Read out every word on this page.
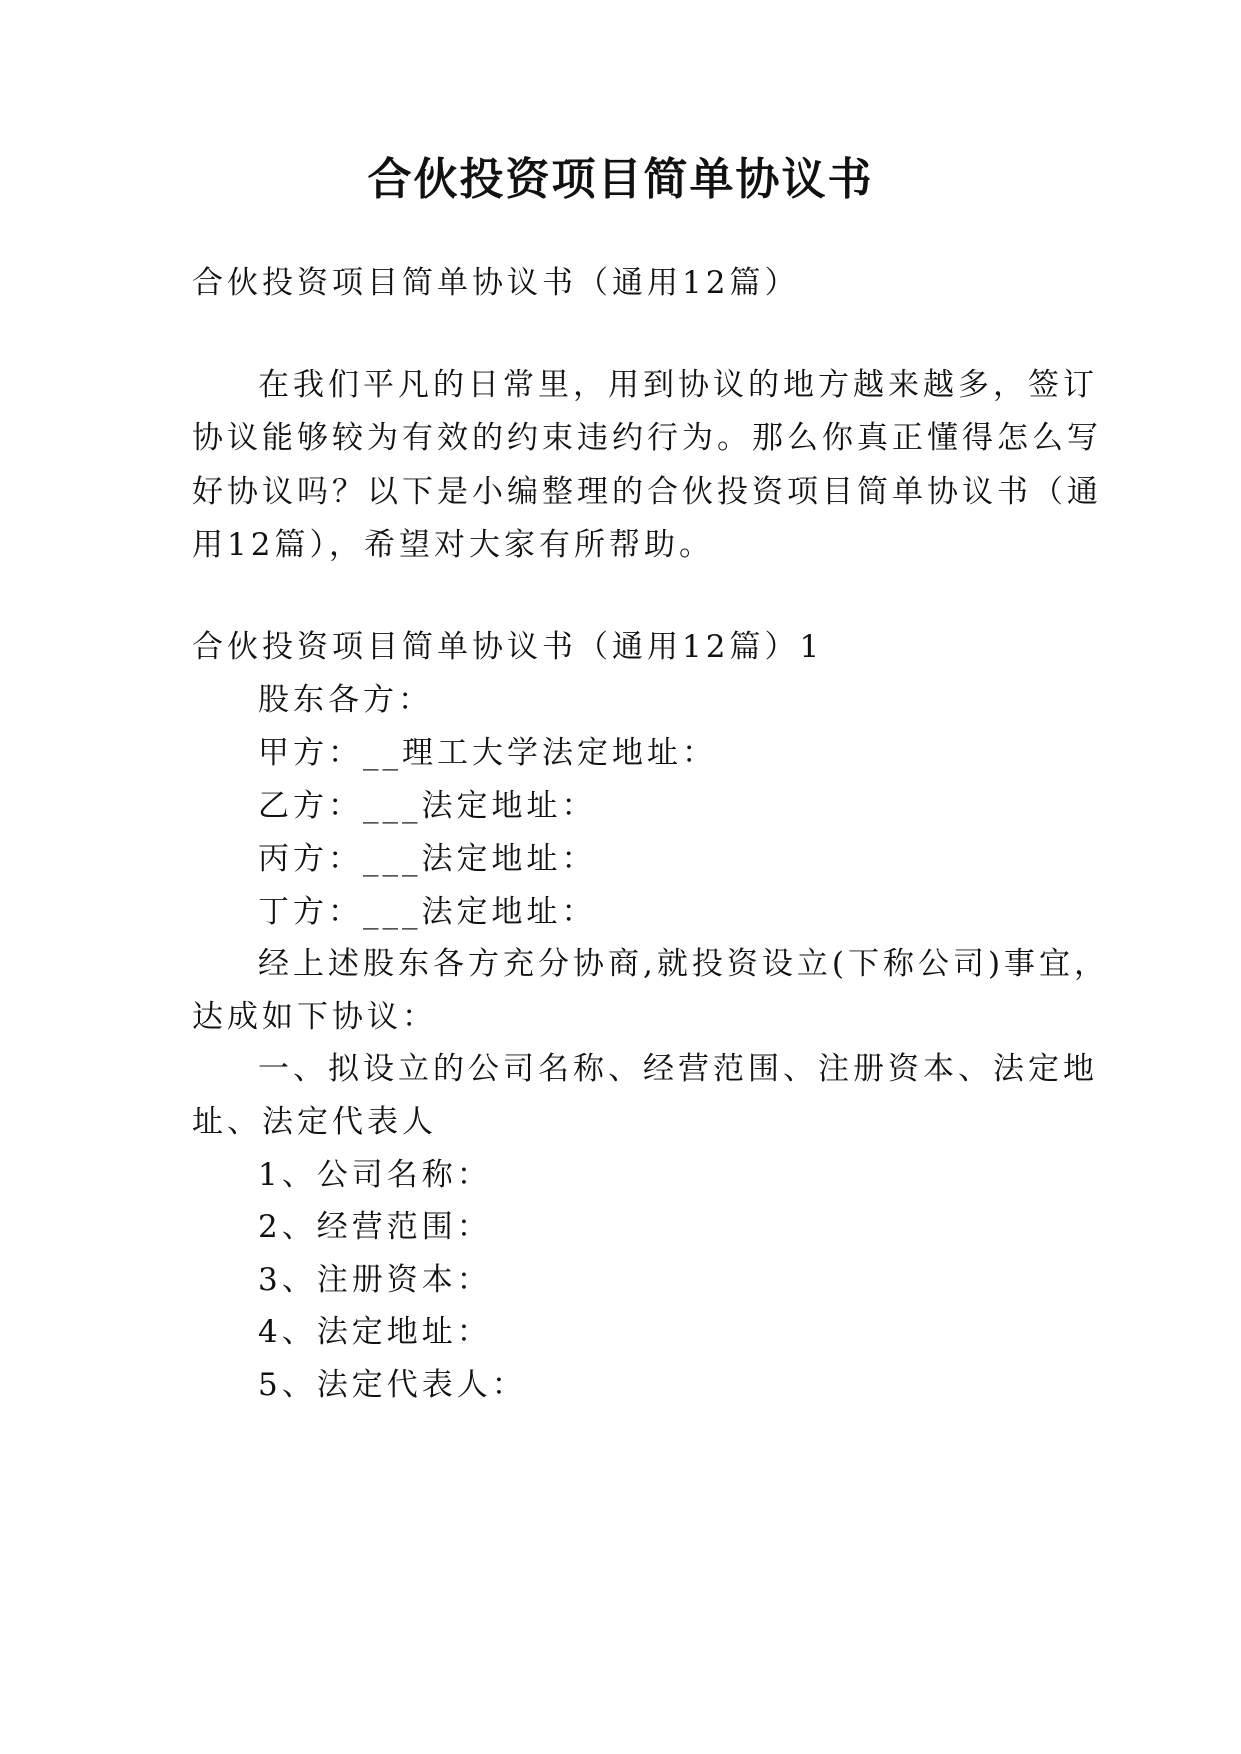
合伙投资项目简单协议书
合伙投资项目简单协议书（通用12篇）
在我们平凡的日常里，用到协议的地方越来越多，签订
协议能够较为有效的约束违约行为。那么你真正懂得怎么写
好协议吗？以下是小编整理的合伙投资项目简单协议书（通
用12篇），希望对大家有所帮助。
合伙投资项目简单协议书（通用12篇）1
股东各方：
甲方：__理工大学法定地址：
乙方：___法定地址：
丙方：___法定地址：
丁方：___法定地址：
经上述股东各方充分协商,就投资设立(下称公司)事宜，
达成如下协议：
一、拟设立的公司名称、经营范围、注册资本、法定地
址、法定代表人
1、公司名称：
2、经营范围：
3、注册资本：
4、法定地址：
5、法定代表人：
